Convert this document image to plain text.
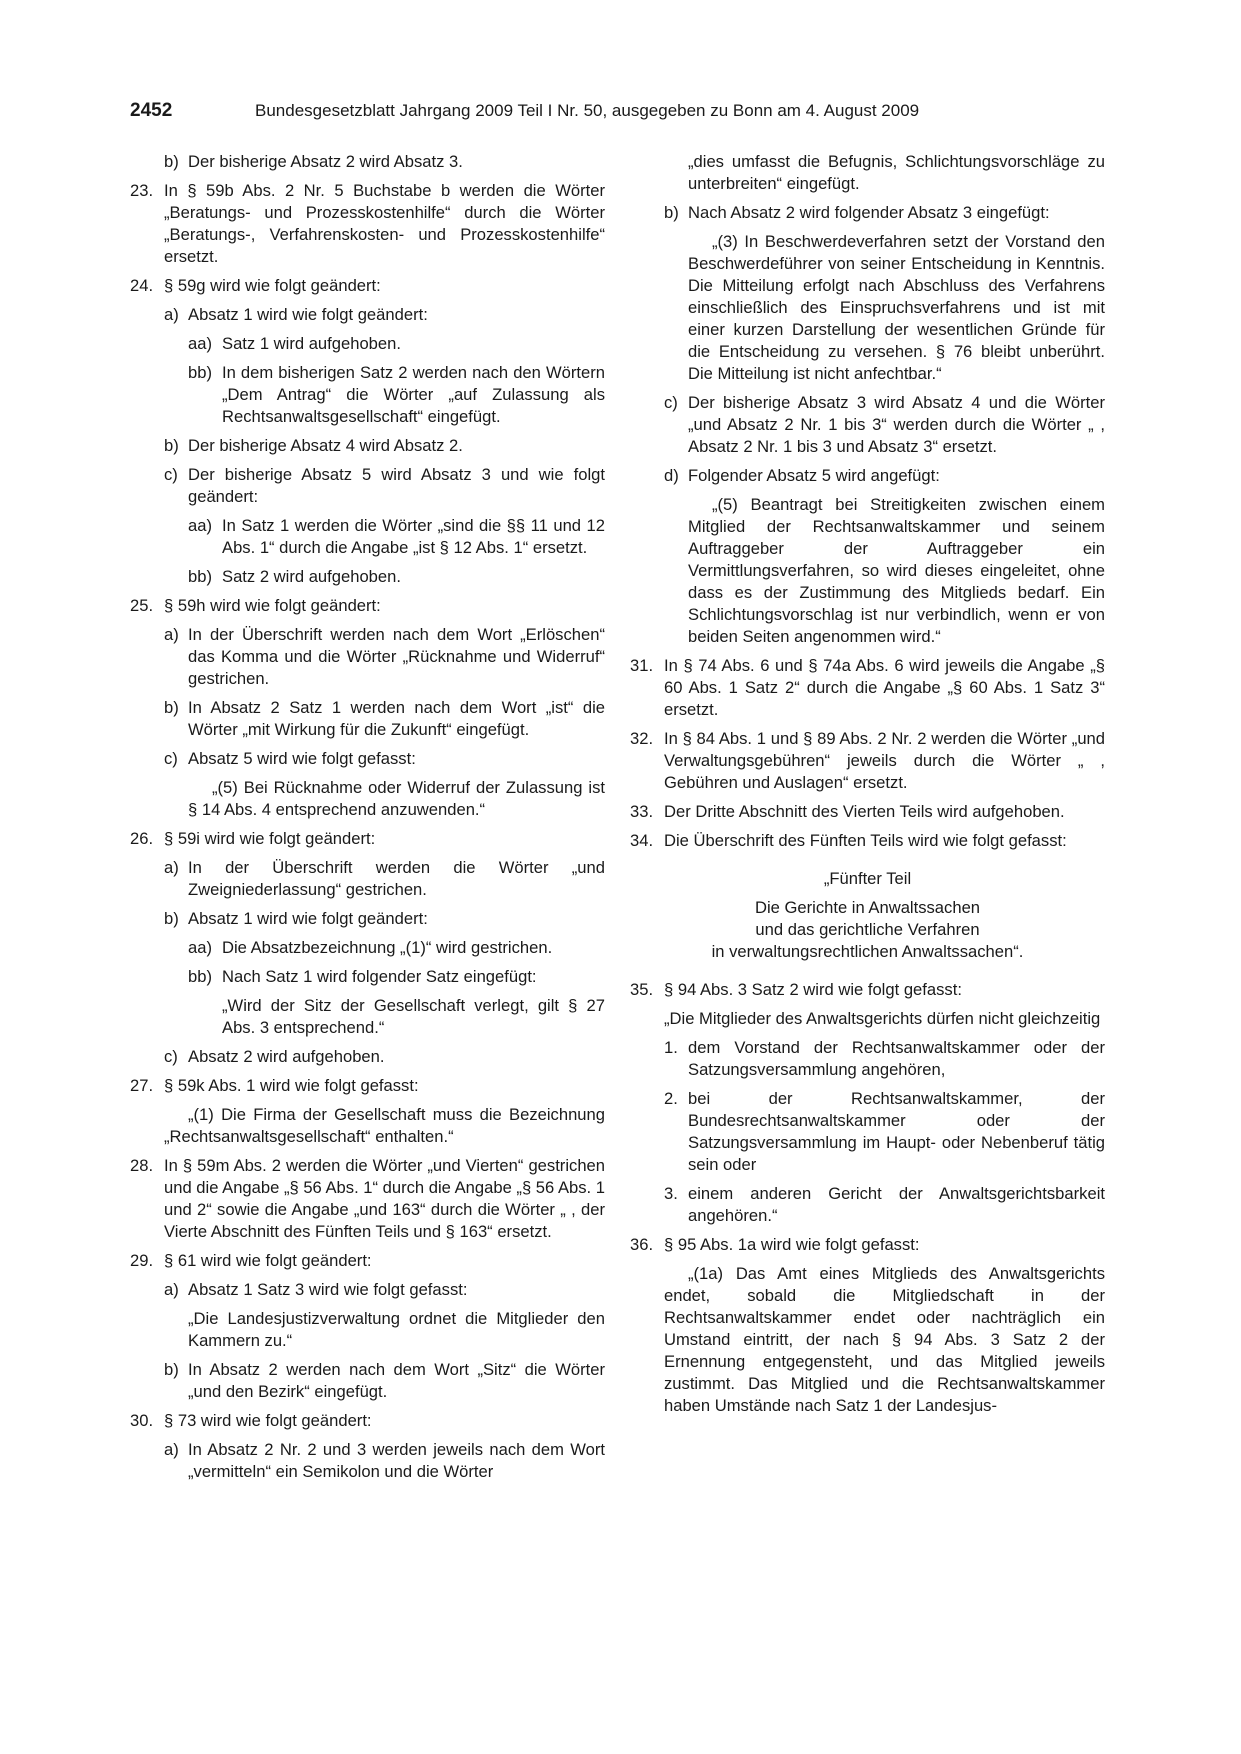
2452	Bundesgesetzblatt Jahrgang 2009 Teil I Nr. 50, ausgegeben zu Bonn am 4. August 2009
b) Der bisherige Absatz 2 wird Absatz 3.
23. In § 59b Abs. 2 Nr. 5 Buchstabe b werden die Wörter „Beratungs- und Prozesskostenhilfe“ durch die Wörter „Beratungs-, Verfahrenskosten- und Prozesskostenhilfe“ ersetzt.
24. § 59g wird wie folgt geändert:
a) Absatz 1 wird wie folgt geändert:
aa) Satz 1 wird aufgehoben.
bb) In dem bisherigen Satz 2 werden nach den Wörtern „Dem Antrag“ die Wörter „auf Zulassung als Rechtsanwaltsgesellschaft“ eingefügt.
b) Der bisherige Absatz 4 wird Absatz 2.
c) Der bisherige Absatz 5 wird Absatz 3 und wie folgt geändert:
aa) In Satz 1 werden die Wörter „sind die §§ 11 und 12 Abs. 1“ durch die Angabe „ist § 12 Abs. 1“ ersetzt.
bb) Satz 2 wird aufgehoben.
25. § 59h wird wie folgt geändert:
a) In der Überschrift werden nach dem Wort „Erlöschen“ das Komma und die Wörter „Rücknahme und Widerruf“ gestrichen.
b) In Absatz 2 Satz 1 werden nach dem Wort „ist“ die Wörter „mit Wirkung für die Zukunft“ eingefügt.
c) Absatz 5 wird wie folgt gefasst:
„(5) Bei Rücknahme oder Widerruf der Zulassung ist § 14 Abs. 4 entsprechend anzuwenden.“
26. § 59i wird wie folgt geändert:
a) In der Überschrift werden die Wörter „und Zweigniederlassung“ gestrichen.
b) Absatz 1 wird wie folgt geändert:
aa) Die Absatzbezeichnung „(1)“ wird gestrichen.
bb) Nach Satz 1 wird folgender Satz eingefügt:
„Wird der Sitz der Gesellschaft verlegt, gilt § 27 Abs. 3 entsprechend.“
c) Absatz 2 wird aufgehoben.
27. § 59k Abs. 1 wird wie folgt gefasst:
„(1) Die Firma der Gesellschaft muss die Bezeichnung „Rechtsanwaltsgesellschaft“ enthalten.“
28. In § 59m Abs. 2 werden die Wörter „und Vierten“ gestrichen und die Angabe „§ 56 Abs. 1“ durch die Angabe „§ 56 Abs. 1 und 2“ sowie die Angabe „und 163“ durch die Wörter „ , der Vierte Abschnitt des Fünften Teils und § 163“ ersetzt.
29. § 61 wird wie folgt geändert:
a) Absatz 1 Satz 3 wird wie folgt gefasst:
„Die Landesjustizverwaltung ordnet die Mitglieder den Kammern zu.“
b) In Absatz 2 werden nach dem Wort „Sitz“ die Wörter „und den Bezirk“ eingefügt.
30. § 73 wird wie folgt geändert:
a) In Absatz 2 Nr. 2 und 3 werden jeweils nach dem Wort „vermitteln“ ein Semikolon und die Wörter
„dies umfasst die Befugnis, Schlichtungsvorschläge zu unterbreiten“ eingefügt.
b) Nach Absatz 2 wird folgender Absatz 3 eingefügt:
„(3) In Beschwerdeverfahren setzt der Vorstand den Beschwerdeführer von seiner Entscheidung in Kenntnis. Die Mitteilung erfolgt nach Abschluss des Verfahrens einschließlich des Einspruchsverfahrens und ist mit einer kurzen Darstellung der wesentlichen Gründe für die Entscheidung zu versehen. § 76 bleibt unberührt. Die Mitteilung ist nicht anfechtbar.“
c) Der bisherige Absatz 3 wird Absatz 4 und die Wörter „und Absatz 2 Nr. 1 bis 3“ werden durch die Wörter „ , Absatz 2 Nr. 1 bis 3 und Absatz 3“ ersetzt.
d) Folgender Absatz 5 wird angefügt:
„(5) Beantragt bei Streitigkeiten zwischen einem Mitglied der Rechtsanwaltskammer und seinem Auftraggeber der Auftraggeber ein Vermittlungsverfahren, so wird dieses eingeleitet, ohne dass es der Zustimmung des Mitglieds bedarf. Ein Schlichtungsvorschlag ist nur verbindlich, wenn er von beiden Seiten angenommen wird.“
31. In § 74 Abs. 6 und § 74a Abs. 6 wird jeweils die Angabe „§ 60 Abs. 1 Satz 2“ durch die Angabe „§ 60 Abs. 1 Satz 3“ ersetzt.
32. In § 84 Abs. 1 und § 89 Abs. 2 Nr. 2 werden die Wörter „und Verwaltungsgebühren“ jeweils durch die Wörter „ , Gebühren und Auslagen“ ersetzt.
33. Der Dritte Abschnitt des Vierten Teils wird aufgehoben.
34. Die Überschrift des Fünften Teils wird wie folgt gefasst:
„Fünfter Teil
Die Gerichte in Anwaltssachen
und das gerichtliche Verfahren
in verwaltungsrechtlichen Anwaltssachen“.
35. § 94 Abs. 3 Satz 2 wird wie folgt gefasst:
„Die Mitglieder des Anwaltsgerichts dürfen nicht gleichzeitig
1. dem Vorstand der Rechtsanwaltskammer oder der Satzungsversammlung angehören,
2. bei der Rechtsanwaltskammer, der Bundesrechtsanwaltskammer oder der Satzungsversammlung im Haupt- oder Nebenberuf tätig sein oder
3. einem anderen Gericht der Anwaltsgerichtsbarkeit angehören.“
36. § 95 Abs. 1a wird wie folgt gefasst:
„(1a) Das Amt eines Mitglieds des Anwaltsgerichts endet, sobald die Mitgliedschaft in der Rechtsanwaltskammer endet oder nachträglich ein Umstand eintritt, der nach § 94 Abs. 3 Satz 2 der Ernennung entgegensteht, und das Mitglied jeweils zustimmt. Das Mitglied und die Rechtsanwaltskammer haben Umstände nach Satz 1 der Landesjus-
